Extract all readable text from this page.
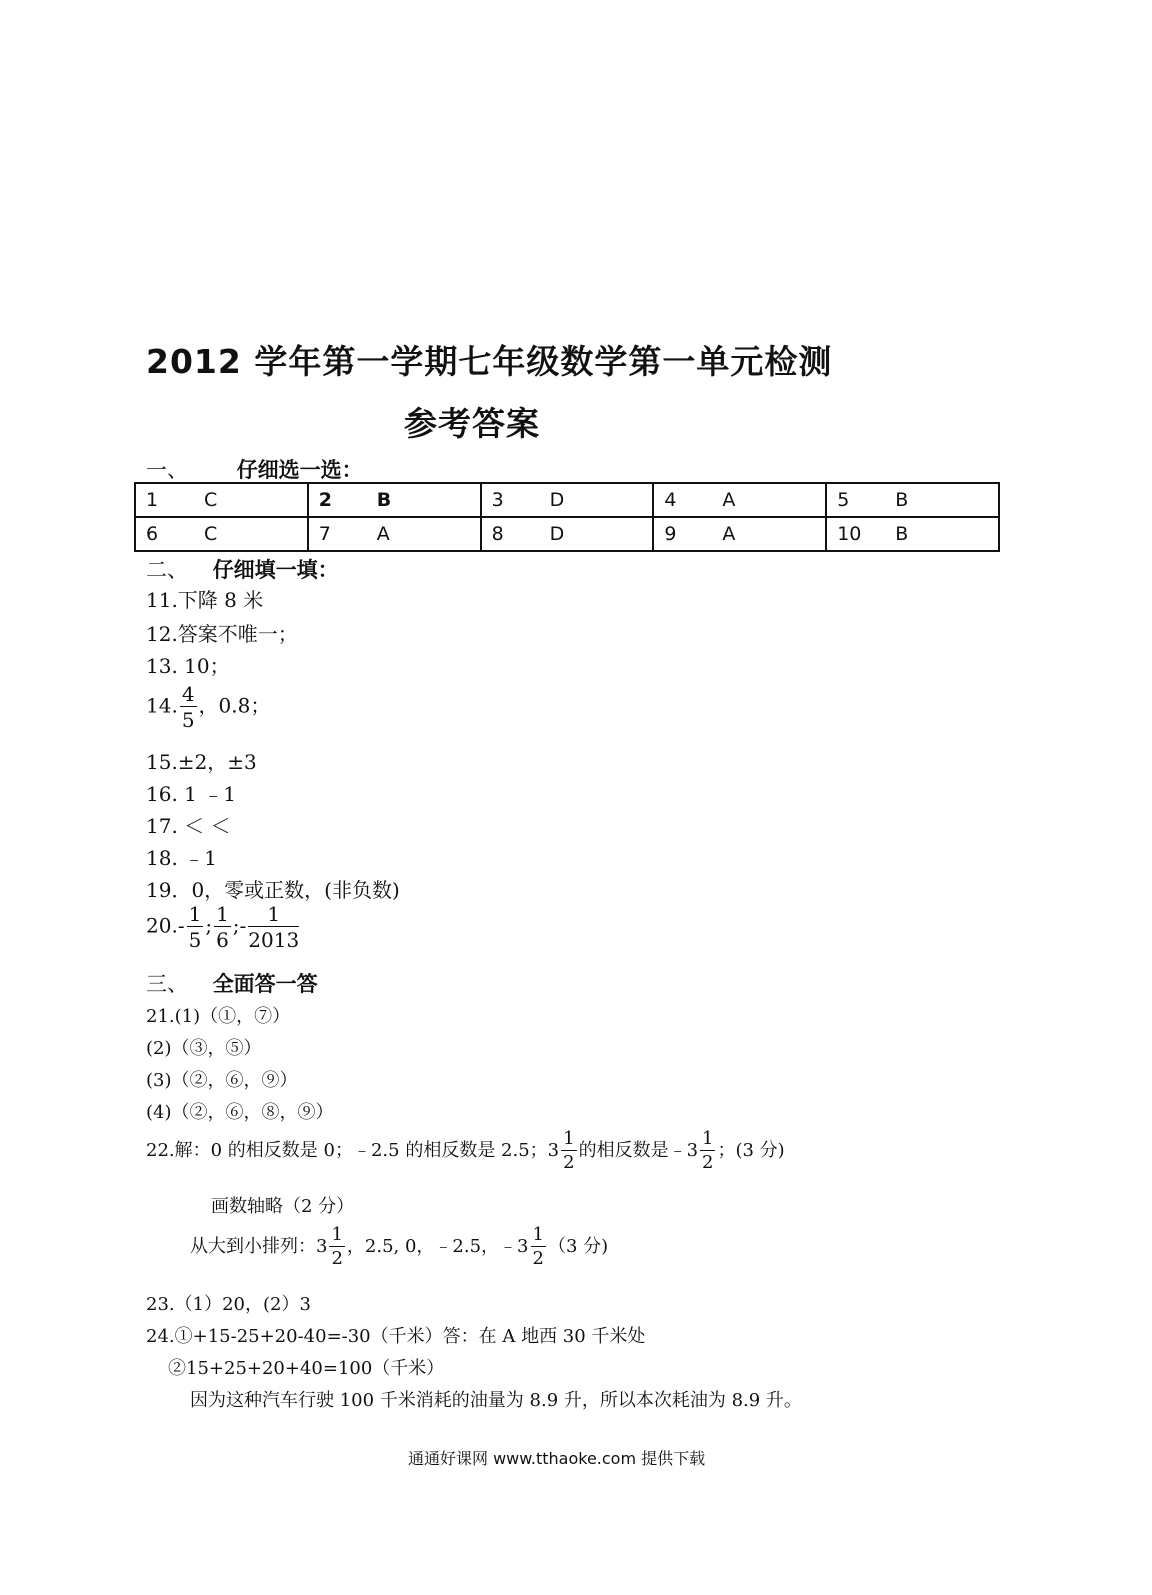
2012 学年第一学期七年级数学第一单元检测
参考答案
一、 仔细选一选：
1 C	2 B	3 D	4 A	5 B
6 C	7 A	8 D	9 A	10 B
二、 仔细填一填：
11.下降 8 米
12.答案不唯一；
13. 10；
14. $\frac{4}{5}$ ，0.8；
15.±2，±3
16. 1 ﹣1
17. ＜ ＜
18. ﹣1
19．0，零或正数，(非负数)
$20.- \frac{1}{5}$ ; $\frac{1}{6}$ ;- $\frac{1}{2013}$
三、 全面答一答
21.(1)（①，⑦）
(2)（③，⑤）
(3)（②，⑥，⑨）
(4)（②，⑥，⑧，⑨）
22.解：0 的相反数是 0；﹣2.5 的相反数是 2.5；$3 \frac{1}{2}$ 的相反数是﹣3 $\frac{1}{2}$ ；(3 分)
画数轴略（2 分）
从大到小排列：$3 \frac{1}{2}$ ，2.5, 0，﹣2.5，﹣3 $\frac{1}{2} (3$ 分)
23.（1）20，(2）3
24.①+15-25+20-40=-30（千米）答：在 A 地西 30 千米处
②15+25+20+40=100（千米）
因为这种汽车行驶 100 千米消耗的油量为 8.9 升，所以本次耗油为 8.9 升。
通通好课网 www.tthaoke.com 提供下载
